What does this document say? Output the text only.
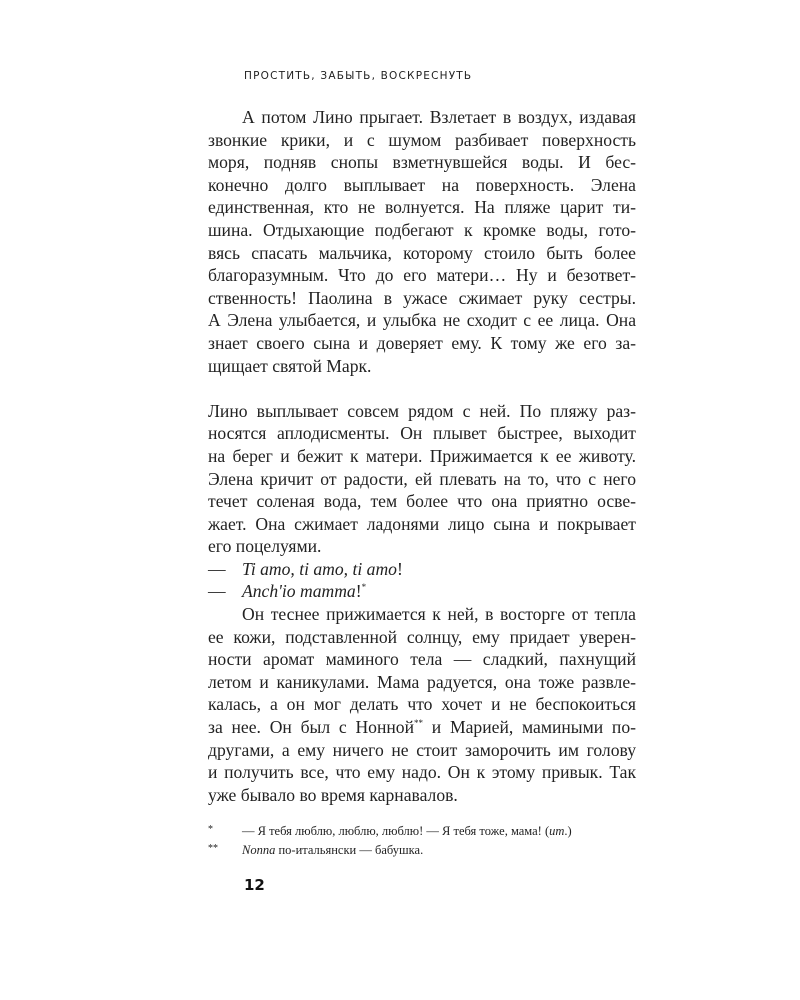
ПРОСТИТЬ, ЗАБЫТЬ, ВОСКРЕСНУТЬ
А потом Лино прыгает. Взлетает в воздух, издавая
звонкие крики, и с шумом разбивает поверхность
моря, подняв снопы взметнувшейся воды. И бес-
конечно долго выплывает на поверхность. Элена
единственная, кто не волнуется. На пляже царит ти-
шина. Отдыхающие подбегают к кромке воды, гото-
вясь спасать мальчика, которому стоило быть более
благоразумным. Что до его матери… Ну и безответ-
ственность! Паолина в ужасе сжимает руку сестры.
А Элена улыбается, и улыбка не сходит с ее лица. Она
знает своего сына и доверяет ему. К тому же его за-
щищает святой Марк.
Лино выплывает совсем рядом с ней. По пляжу раз-
носятся аплодисменты. Он плывет быстрее, выходит
на берег и бежит к матери. Прижимается к ее животу.
Элена кричит от радости, ей плевать на то, что с него
течет соленая вода, тем более что она приятно осве-
жает. Она сжимает ладонями лицо сына и покрывает
его поцелуями.
— Ti amo, ti amo, ti amo!
— Anch'io mamma!*
Он теснее прижимается к ней, в восторге от тепла
ее кожи, подставленной солнцу, ему придает уверен-
ности аромат маминого тела — сладкий, пахнущий
летом и каникулами. Мама радуется, она тоже развле-
калась, а он мог делать что хочет и не беспокоиться
за нее. Он был с Нонной** и Марией, мамиными по-
другами, а ему ничего не стоит заморочить им голову
и получить все, что ему надо. Он к этому привык. Так
уже бывало во время карнавалов.
* — Я тебя люблю, люблю, люблю! — Я тебя тоже, мама! (ит.)
** Nonna по-итальянски — бабушка.
12
